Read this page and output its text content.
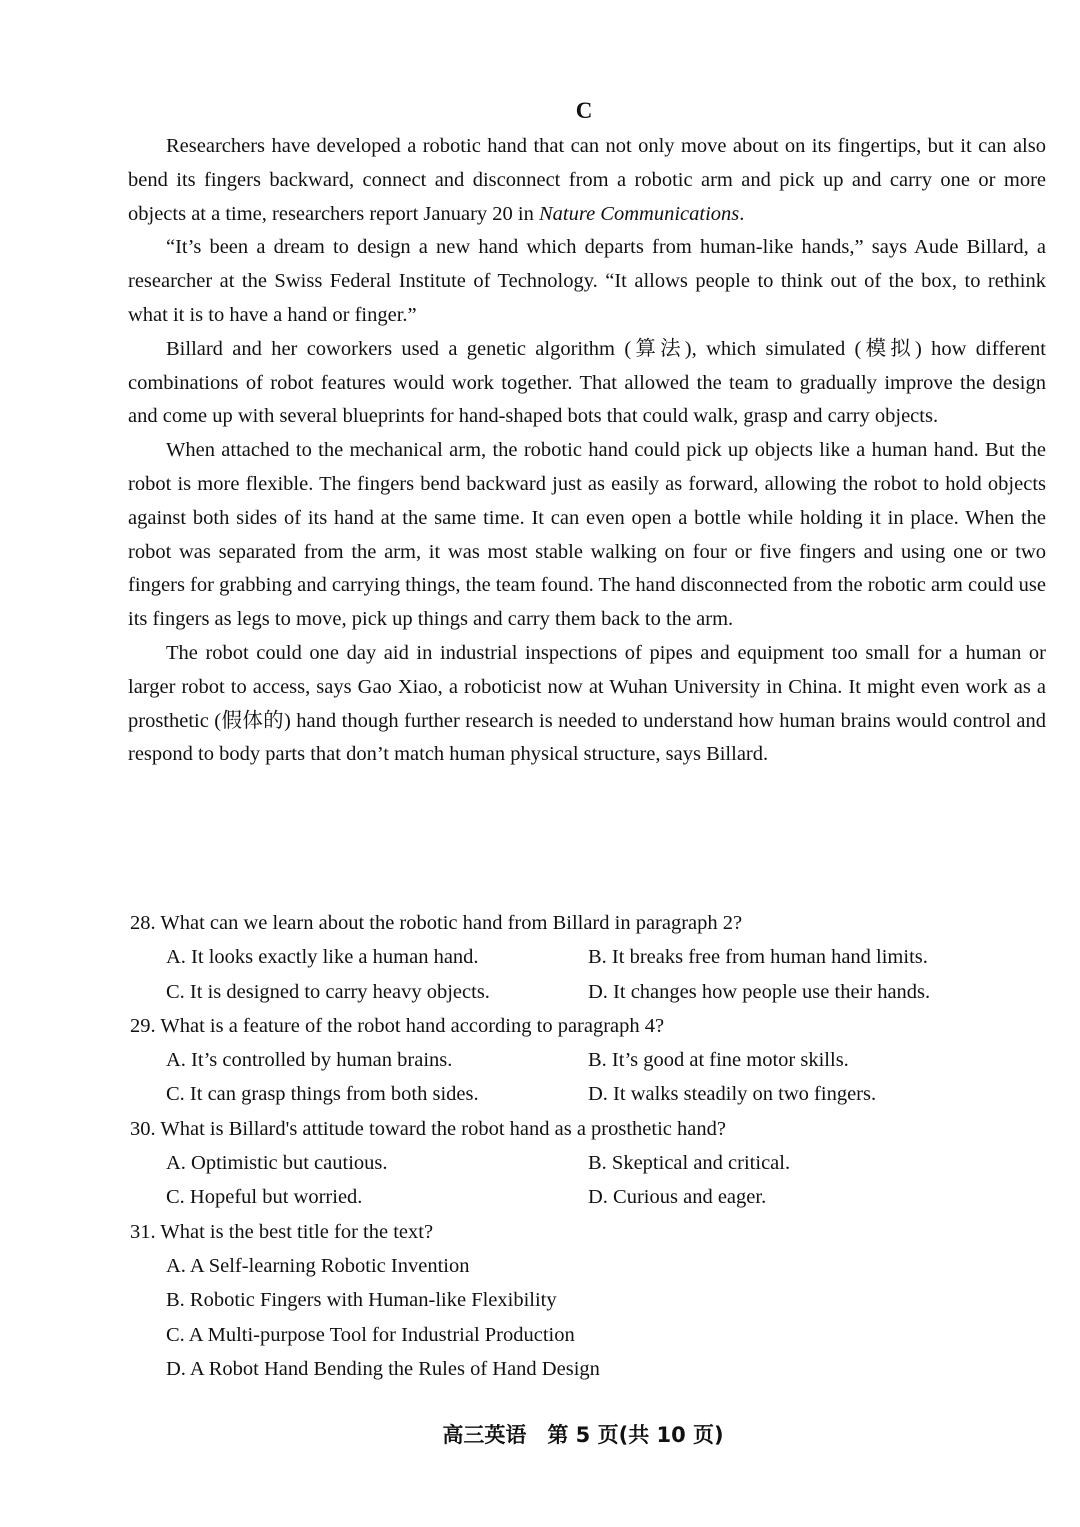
C

Researchers have developed a robotic hand that can not only move about on its fingertips, but it can also bend its fingers backward, connect and disconnect from a robotic arm and pick up and carry one or more objects at a time, researchers report January 20 in Nature Communications.

“It’s been a dream to design a new hand which departs from human-like hands,” says Aude Billard, a researcher at the Swiss Federal Institute of Technology. “It allows people to think out of the box, to rethink what it is to have a hand or finger.”

Billard and her coworkers used a genetic algorithm (算法), which simulated (模拟) how different combinations of robot features would work together. That allowed the team to gradually improve the design and come up with several blueprints for hand-shaped bots that could walk, grasp and carry objects.

When attached to the mechanical arm, the robotic hand could pick up objects like a human hand. But the robot is more flexible. The fingers bend backward just as easily as forward, allowing the robot to hold objects against both sides of its hand at the same time. It can even open a bottle while holding it in place. When the robot was separated from the arm, it was most stable walking on four or five fingers and using one or two fingers for grabbing and carrying things, the team found. The hand disconnected from the robotic arm could use its fingers as legs to move, pick up things and carry them back to the arm.

The robot could one day aid in industrial inspections of pipes and equipment too small for a human or larger robot to access, says Gao Xiao, a roboticist now at Wuhan University in China. It might even work as a prosthetic (假体的) hand though further research is needed to understand how human brains would control and respond to body parts that don’t match human physical structure, says Billard.

28. What can we learn about the robotic hand from Billard in paragraph 2?

A. It looks exactly like a human hand.	B. It breaks free from human hand limits.

C. It is designed to carry heavy objects.	D. It changes how people use their hands.

29. What is a feature of the robot hand according to paragraph 4?

A. It’s controlled by human brains.	B. It’s good at fine motor skills.

C. It can grasp things from both sides.	D. It walks steadily on two fingers.

30. What is Billard's attitude toward the robot hand as a prosthetic hand?

A. Optimistic but cautious.	B. Skeptical and critical.

C. Hopeful but worried.	D. Curious and eager.

31. What is the best title for the text?

A. A Self-learning Robotic Invention

B. Robotic Fingers with Human-like Flexibility

C. A Multi-purpose Tool for Industrial Production

D. A Robot Hand Bending the Rules of Hand Design

高三英语　第 5 页(共 10 页)
